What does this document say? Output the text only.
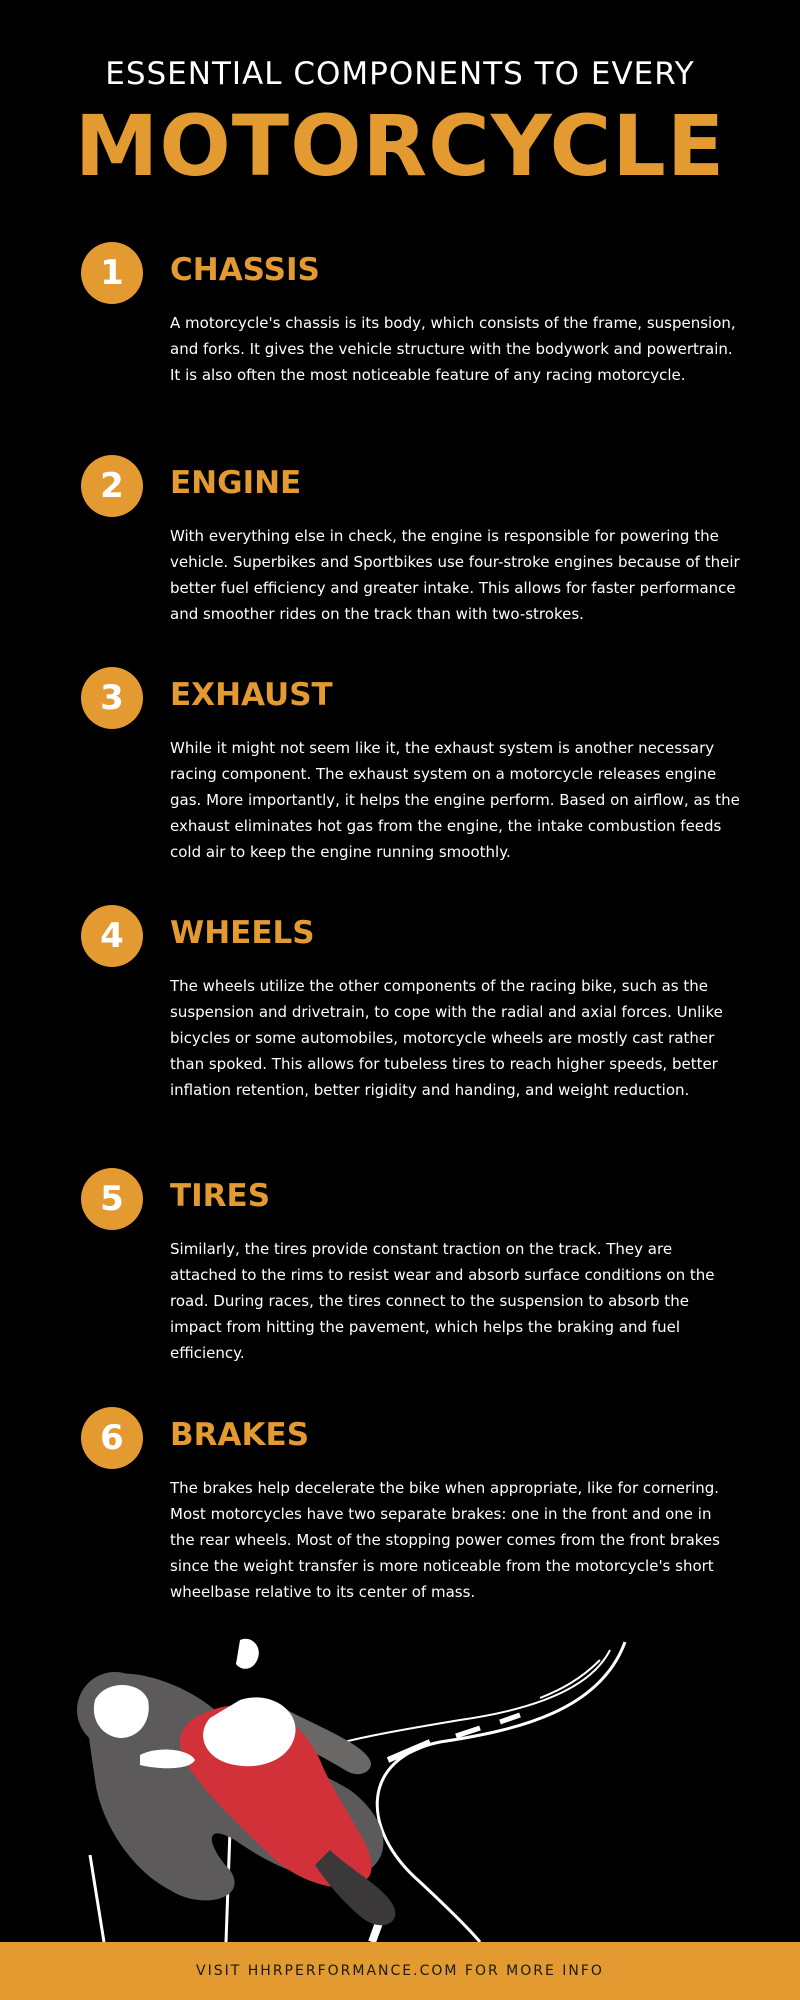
ESSENTIAL COMPONENTS TO EVERY
MOTORCYCLE
1	CHASSIS
A motorcycle's chassis is its body, which consists of the frame, suspension, and forks. It gives the vehicle structure with the bodywork and powertrain. It is also often the most noticeable feature of any racing motorcycle.
2	ENGINE
With everything else in check, the engine is responsible for powering the vehicle. Superbikes and Sportbikes use four-stroke engines because of their better fuel efficiency and greater intake. This allows for faster performance and smoother rides on the track than with two-strokes.
3	EXHAUST
While it might not seem like it, the exhaust system is another necessary racing component. The exhaust system on a motorcycle releases engine gas. More importantly, it helps the engine perform. Based on airflow, as the exhaust eliminates hot gas from the engine, the intake combustion feeds cold air to keep the engine running smoothly.
4	WHEELS
The wheels utilize the other components of the racing bike, such as the suspension and drivetrain, to cope with the radial and axial forces. Unlike bicycles or some automobiles, motorcycle wheels are mostly cast rather than spoked. This allows for tubeless tires to reach higher speeds, better inflation retention, better rigidity and handing, and weight reduction.
5	TIRES
Similarly, the tires provide constant traction on the track. They are attached to the rims to resist wear and absorb surface conditions on the road. During races, the tires connect to the suspension to absorb the impact from hitting the pavement, which helps the braking and fuel efficiency.
6	BRAKES
The brakes help decelerate the bike when appropriate, like for cornering. Most motorcycles have two separate brakes: one in the front and one in the rear wheels. Most of the stopping power comes from the front brakes since the weight transfer is more noticeable from the motorcycle's short wheelbase relative to its center of mass.
VISIT HHRPERFORMANCE.COM FOR MORE INFO
